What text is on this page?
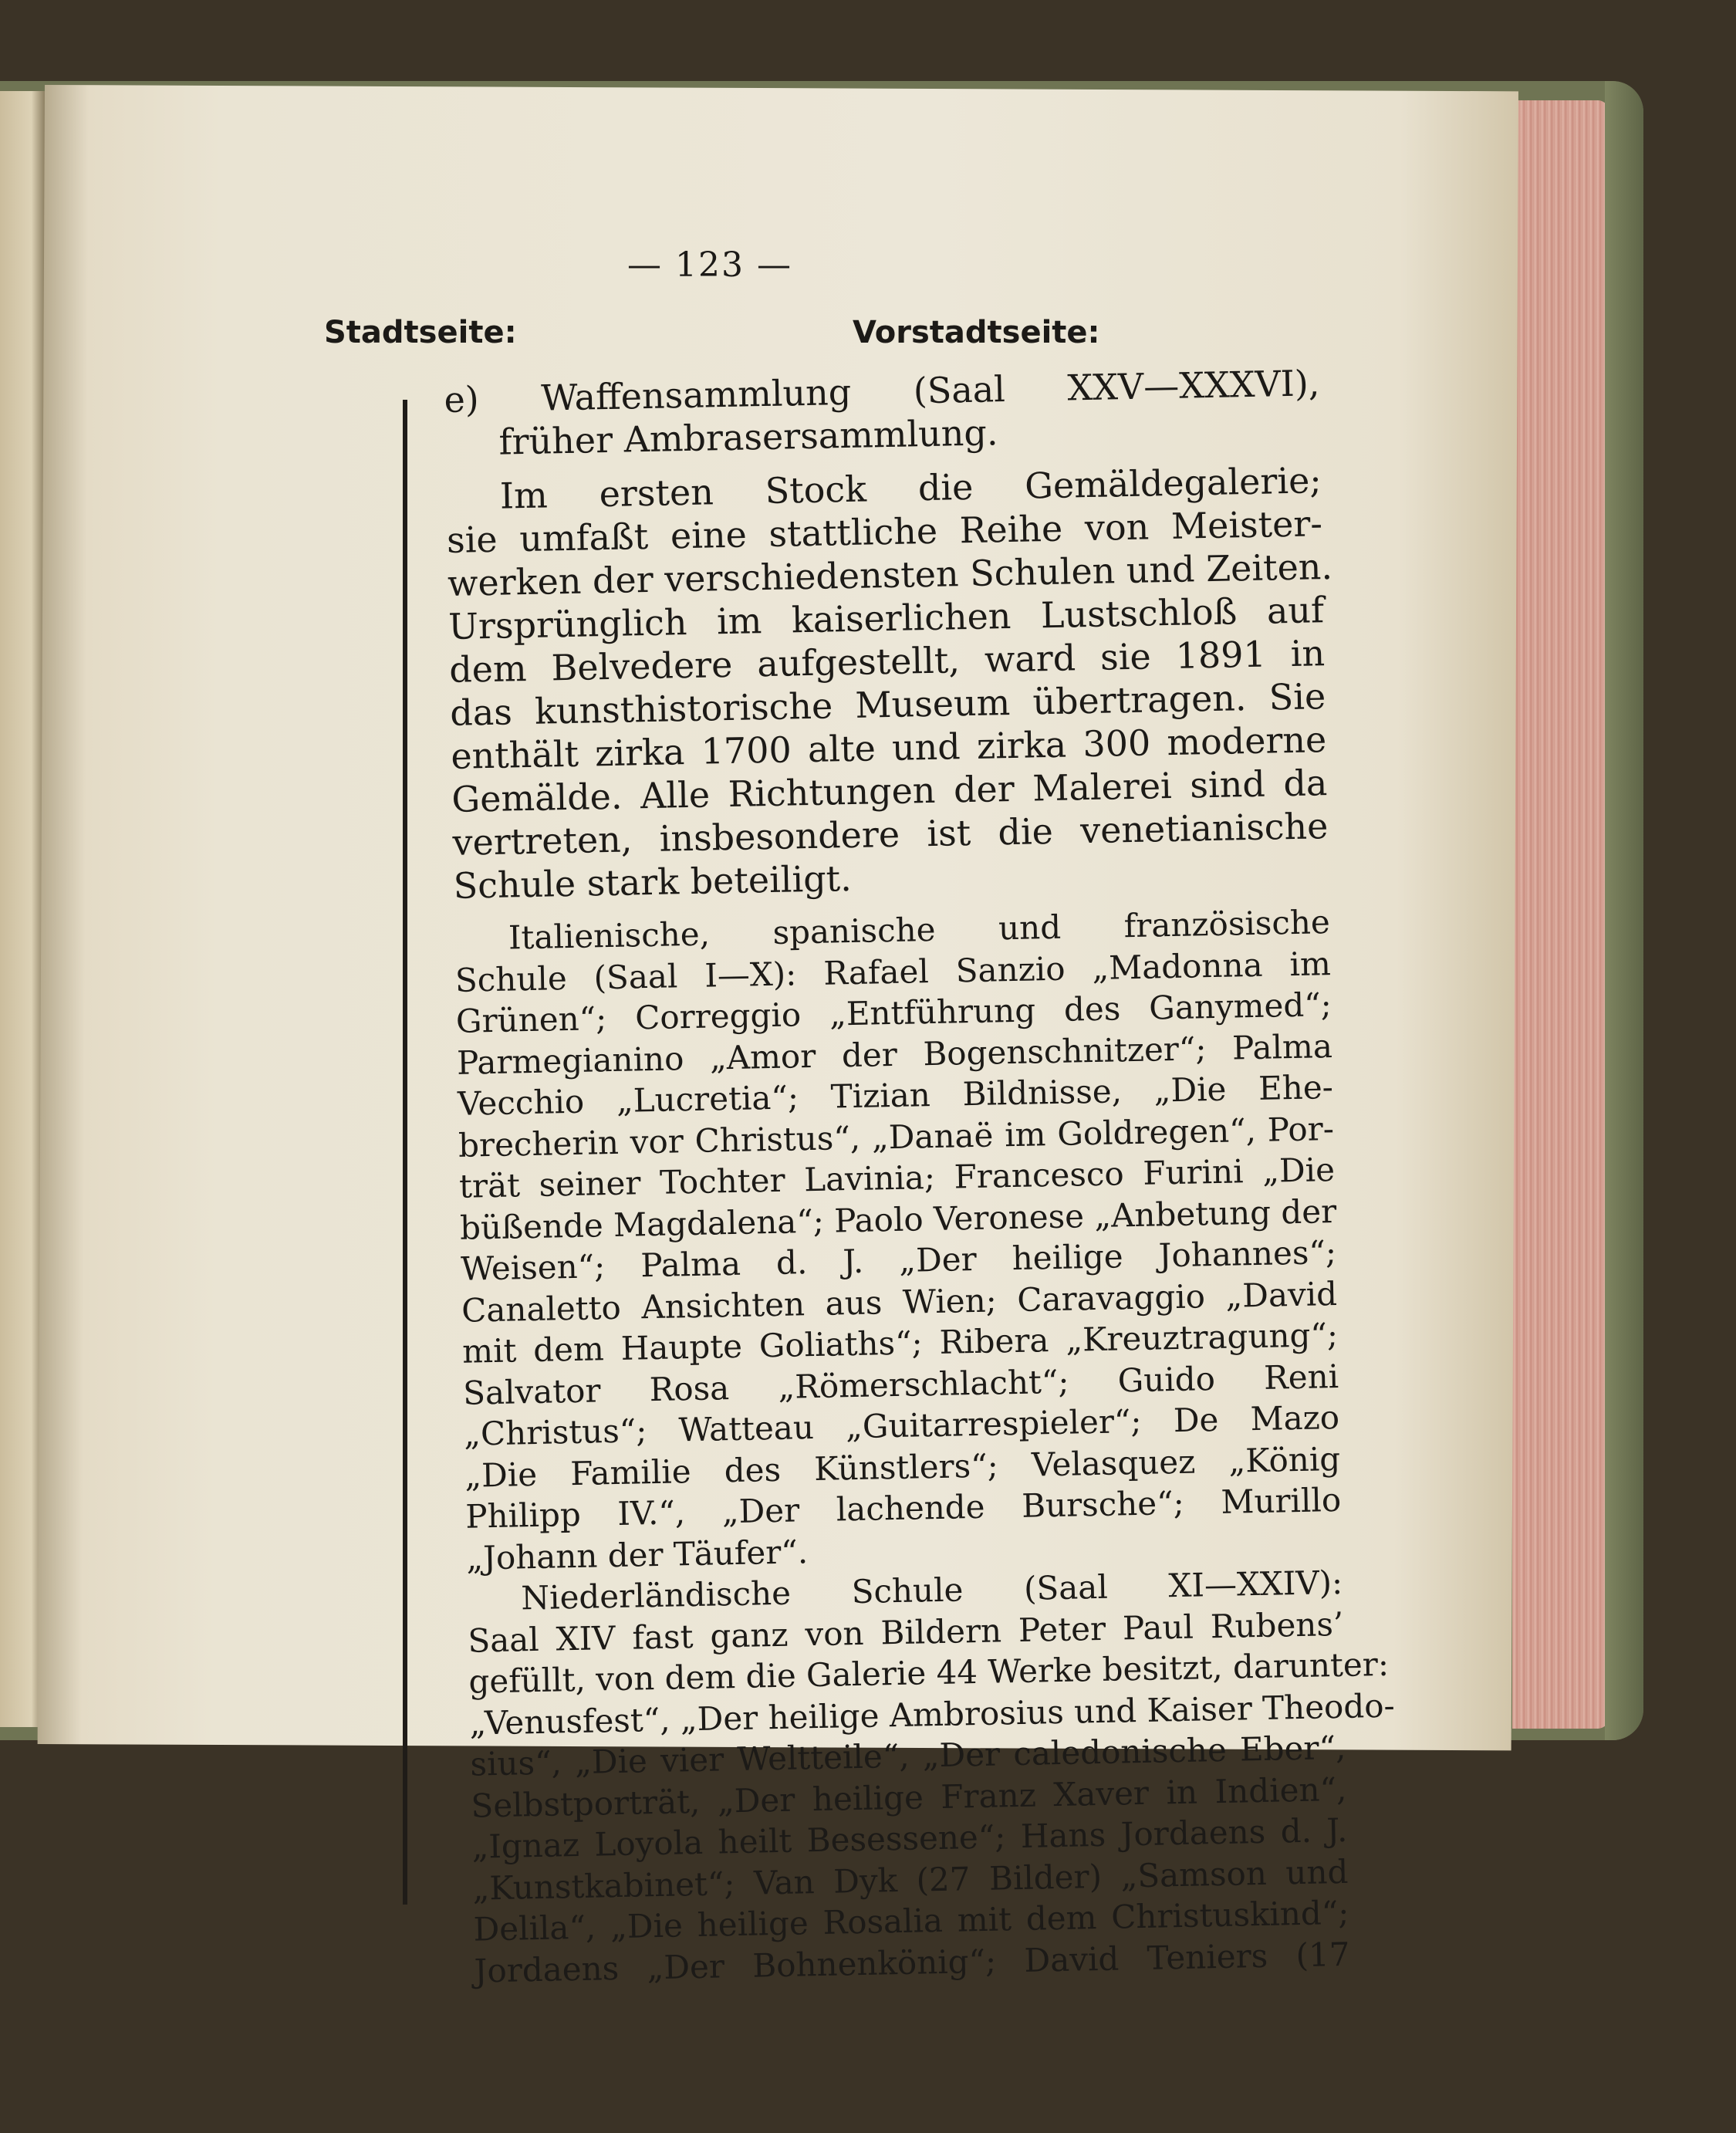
— 123 —
Stadtseite:	Vorstadtseite:
e) Waffensammlung (Saal XXV—XXXVI),
früher Ambrasersammlung.
Im ersten Stock die Gemäldegalerie;
sie umfaßt eine stattliche Reihe von Meister-
werken der verschiedensten Schulen und Zeiten.
Ursprünglich im kaiserlichen Lustschloß auf
dem Belvedere aufgestellt, ward sie 1891 in
das kunsthistorische Museum übertragen. Sie
enthält zirka 1700 alte und zirka 300 moderne
Gemälde. Alle Richtungen der Malerei sind da
vertreten, insbesondere ist die venetianische
Schule stark beteiligt.
Italienische, spanische und französische
Schule (Saal I—X): Rafael Sanzio „Madonna im
Grünen“; Correggio „Entführung des Ganymed“;
Parmegianino „Amor der Bogenschnitzer“; Palma
Vecchio „Lucretia“; Tizian Bildnisse, „Die Ehe-
brecherin vor Christus“, „Danaë im Goldregen“, Por-
trät seiner Tochter Lavinia; Francesco Furini „Die
büßende Magdalena“; Paolo Veronese „Anbetung der
Weisen“; Palma d. J. „Der heilige Johannes“;
Canaletto Ansichten aus Wien; Caravaggio „David
mit dem Haupte Goliaths“; Ribera „Kreuztragung“;
Salvator Rosa „Römerschlacht“; Guido Reni
„Christus“; Watteau „Guitarrespieler“; De Mazo
„Die Familie des Künstlers“; Velasquez „König
Philipp IV.“, „Der lachende Bursche“; Murillo
„Johann der Täufer“.
Niederländische Schule (Saal XI—XXIV):
Saal XIV fast ganz von Bildern Peter Paul Rubens’
gefüllt, von dem die Galerie 44 Werke besitzt, darunter:
„Venusfest“, „Der heilige Ambrosius und Kaiser Theodo-
sius“, „Die vier Weltteile“, „Der caledonische Eber“,
Selbstporträt, „Der heilige Franz Xaver in Indien“,
„Ignaz Loyola heilt Besessene“; Hans Jordaens d. J.
„Kunstkabinet“; Van Dyk (27 Bilder) „Samson und
Delila“, „Die heilige Rosalia mit dem Christuskind“;
Jordaens „Der Bohnenkönig“; David Teniers (17
